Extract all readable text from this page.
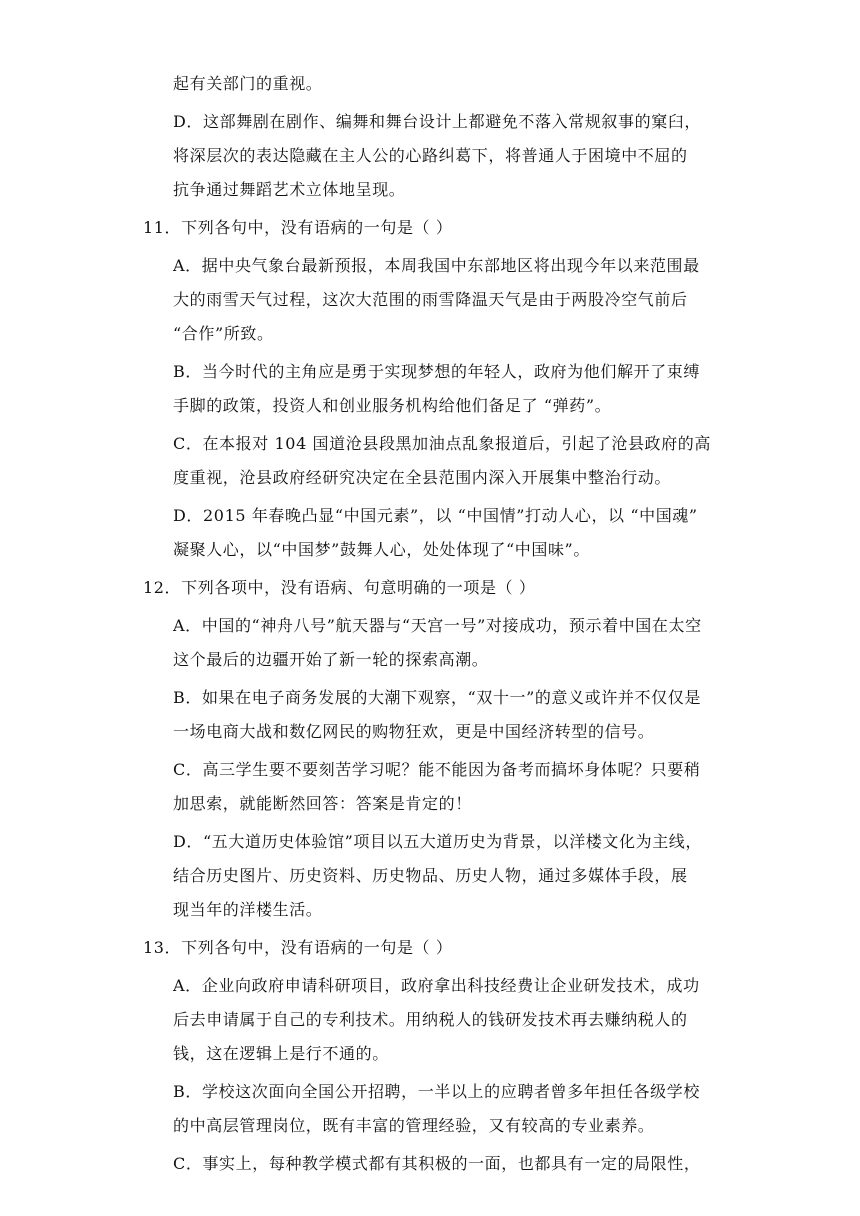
起有关部门的重视。
D．这部舞剧在剧作、编舞和舞台设计上都避免不落入常规叙事的窠臼，
将深层次的表达隐藏在主人公的心路纠葛下，将普通人于困境中不屈的
抗争通过舞蹈艺术立体地呈现。
11．下列各句中，没有语病的一句是（ ）
A．据中央气象台最新预报，本周我国中东部地区将出现今年以来范围最
大的雨雪天气过程，这次大范围的雨雪降温天气是由于两股冷空气前后
“合作”所致。
B．当今时代的主角应是勇于实现梦想的年轻人，政府为他们解开了束缚
手脚的政策，投资人和创业服务机构给他们备足了 “弹药”。
C．在本报对 104 国道沧县段黑加油点乱象报道后，引起了沧县政府的高
度重视，沧县政府经研究决定在全县范围内深入开展集中整治行动。
D．2015 年春晚凸显“中国元素”，以 “中国情”打动人心，以 “中国魂”
凝聚人心，以“中国梦”鼓舞人心，处处体现了“中国味”。
12．下列各项中，没有语病、句意明确的一项是（ ）
A．中国的“神舟八号”航天器与“天宫一号”对接成功，预示着中国在太空
这个最后的边疆开始了新一轮的探索高潮。
B．如果在电子商务发展的大潮下观察，“双十一”的意义或许并不仅仅是
一场电商大战和数亿网民的购物狂欢，更是中国经济转型的信号。
C．高三学生要不要刻苦学习呢？能不能因为备考而搞坏身体呢？只要稍
加思索，就能断然回答：答案是肯定的！
D．“五大道历史体验馆”项目以五大道历史为背景，以洋楼文化为主线，
结合历史图片、历史资料、历史物品、历史人物，通过多媒体手段，展
现当年的洋楼生活。
13．下列各句中，没有语病的一句是（ ）
A．企业向政府申请科研项目，政府拿出科技经费让企业研发技术，成功
后去申请属于自己的专利技术。用纳税人的钱研发技术再去赚纳税人的
钱，这在逻辑上是行不通的。
B．学校这次面向全国公开招聘，一半以上的应聘者曾多年担任各级学校
的中高层管理岗位，既有丰富的管理经验，又有较高的专业素养。
C．事实上，每种教学模式都有其积极的一面，也都具有一定的局限性，
